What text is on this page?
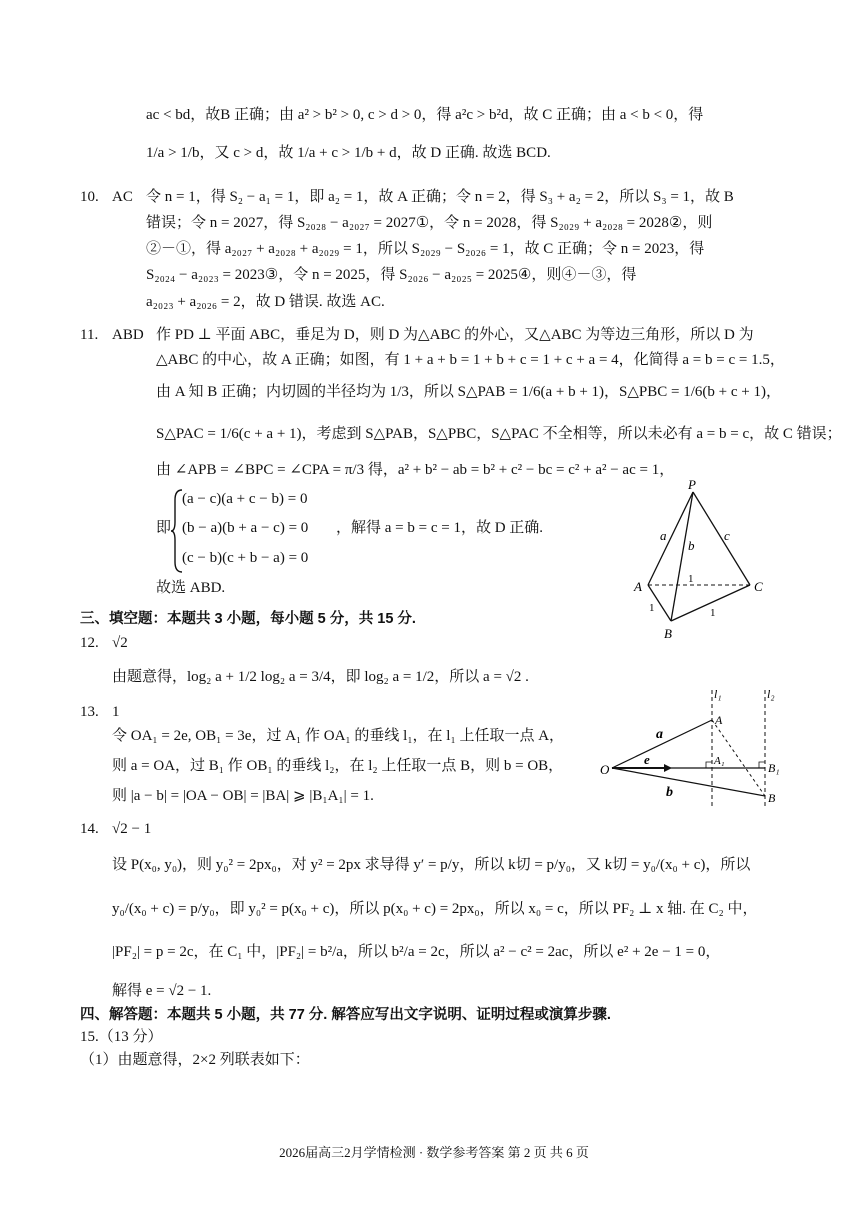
ac < bd，故B 正确；由 a² > b² > 0, c > d > 0，得 a²c > b²d，故 C 正确；由 a < b < 0，得
1/a > 1/b，又 c > d，故 1/a + c > 1/b + d，故 D 正确. 故选 BCD.
10. AC 令 n = 1，得 S₂ − a₁ = 1，即 a₂ = 1，故 A 正确；令 n = 2，得 S₃ + a₂ = 2，所以 S₃ = 1，故 B
错误；令 n = 2027，得 S₂₀₂₈ − a₂₀₂₇ = 2027①，令 n = 2028，得 S₂₀₂₉ + a₂₀₂₈ = 2028②，则
②－①，得 a₂₀₂₇ + a₂₀₂₈ + a₂₀₂₉ = 1，所以 S₂₀₂₉ − S₂₀₂₆ = 1，故 C 正确；令 n = 2023，得
S₂₀₂₄ − a₂₀₂₃ = 2023③，令 n = 2025，得 S₂₀₂₆ − a₂₀₂₅ = 2025④，则④－③，得
a₂₀₂₃ + a₂₀₂₆ = 2，故 D 错误. 故选 AC.
11. ABD 作 PD ⊥ 平面 ABC，垂足为 D，则 D 为△ABC 的外心，又△ABC 为等边三角形，所以 D 为
△ABC 的中心，故 A 正确；如图，有 1 + a + b = 1 + b + c = 1 + c + a = 4，化简得 a = b = c = 1.5，
由 A 知 B 正确；内切圆的半径均为 1/3，所以 S△PAB = 1/6(a + b + 1)，S△PBC = 1/6(b + c + 1)，
S△PAC = 1/6(c + a + 1)，考虑到 S△PAB，S△PBC，S△PAC 不全相等，所以未必有 a = b = c，故 C 错误；
由 ∠APB = ∠BPC = ∠CPA = π/3 得，a² + b² − ab = b² + c² − bc = c² + a² − ac = 1，
即
(a − c)(a + c − b) = 0
(b − a)(b + a − c) = 0 ，解得 a = b = c = 1，故 D 正确.
(c − b)(c + b − a) = 0
故选 ABD.
P
A
B
C
a
b
c
1
1	1
三、填空题：本题共 3 小题，每小题 5 分，共 15 分.
12. √2
由题意得，log₂ a + 1/2 log₂ a = 3/4，即 log₂ a = 1/2，所以 a = √2 .
13. 1
令 OA₁ = 2e, OB₁ = 3e，过 A₁ 作 OA₁ 的垂线 l₁，在 l₁ 上任取一点 A，
则 a = OA，过 B₁ 作 OB₁ 的垂线 l₂，在 l₂ 上任取一点 B，则 b = OB，
则 |a − b| = |OA − OB| = |BA| ⩾ |B₁A₁| = 1.
O
A
A₁	B₁
B
l₁	l₂
a
e
b
14. √2 − 1
设 P(x₀, y₀)，则 y₀² = 2px₀，对 y² = 2px 求导得 y′ = p/y，所以 k切 = p/y₀，又 k切 = y₀/(x₀ + c)，所以
y₀/(x₀ + c) = p/y₀，即 y₀² = p(x₀ + c)，所以 p(x₀ + c) = 2px₀，所以 x₀ = c，所以 PF₂ ⊥ x 轴. 在 C₂ 中，
|PF₂| = p = 2c，在 C₁ 中，|PF₂| = b²/a，所以 b²/a = 2c，所以 a² − c² = 2ac，所以 e² + 2e − 1 = 0，
解得 e = √2 − 1.
四、解答题：本题共 5 小题，共 77 分. 解答应写出文字说明、证明过程或演算步骤.
15.（13 分）
（1）由题意得，2×2 列联表如下：
2026届高三2月学情检测 · 数学参考答案 第 2 页 共 6 页
